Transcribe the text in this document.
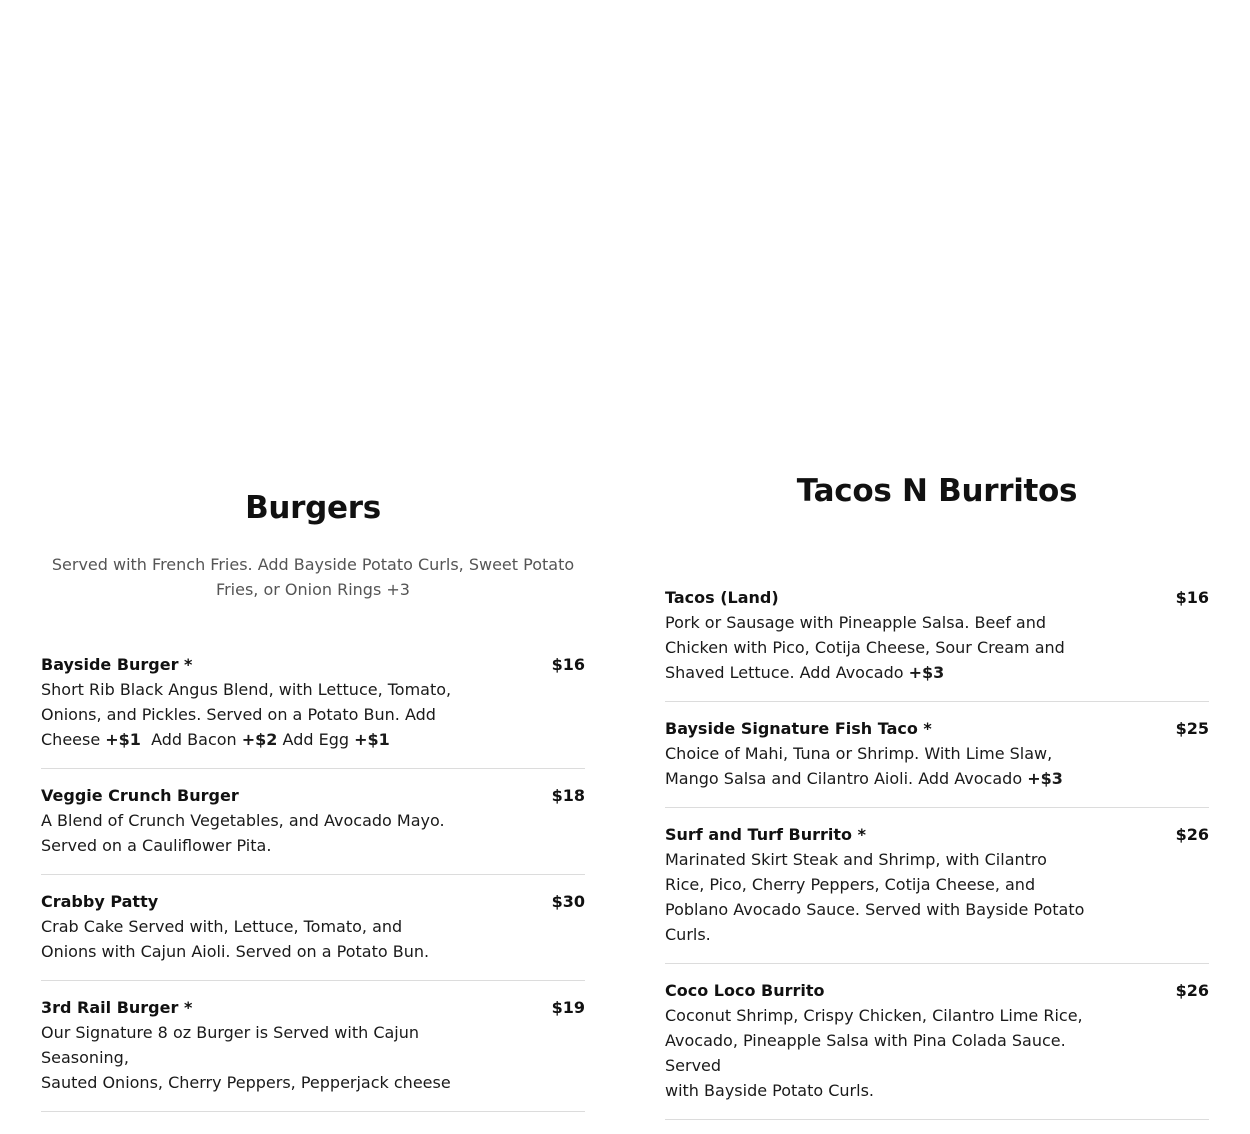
Burgers

Served with French Fries. Add Bayside Potato Curls, Sweet Potato Fries, or Onion Rings +3

Bayside Burger *	$16

Short Rib Black Angus Blend, with Lettuce, Tomato, Onions, and Pickles. Served on a Potato Bun. Add Cheese +$1  Add Bacon +$2 Add Egg +$1

Veggie Crunch Burger	$18

A Blend of Crunch Vegetables, and Avocado Mayo. Served on a Cauliflower Pita.

Crabby Patty	$30

Crab Cake Served with, Lettuce, Tomato, and Onions with Cajun Aioli. Served on a Potato Bun.

3rd Rail Burger *	$19

Our Signature 8 oz Burger is Served with Cajun Seasoning,
Sauted Onions, Cherry Peppers, Pepperjack cheese

Tacos N Burritos
Tacos (Land)	$16

Pork or Sausage with Pineapple Salsa. Beef and Chicken with Pico, Cotija Cheese, Sour Cream and Shaved Lettuce. Add Avocado +$3

Bayside Signature Fish Taco *	$25

Choice of Mahi, Tuna or Shrimp. With Lime Slaw, Mango Salsa and Cilantro Aioli. Add Avocado +$3

Surf and Turf Burrito *	$26

Marinated Skirt Steak and Shrimp, with Cilantro Rice, Pico, Cherry Peppers, Cotija Cheese, and Poblano Avocado Sauce. Served with Bayside Potato Curls.

Coco Loco Burrito	$26

Coconut Shrimp, Crispy Chicken, Cilantro Lime Rice, Avocado, Pineapple Salsa with Pina Colada Sauce. Served
with Bayside Potato Curls.
